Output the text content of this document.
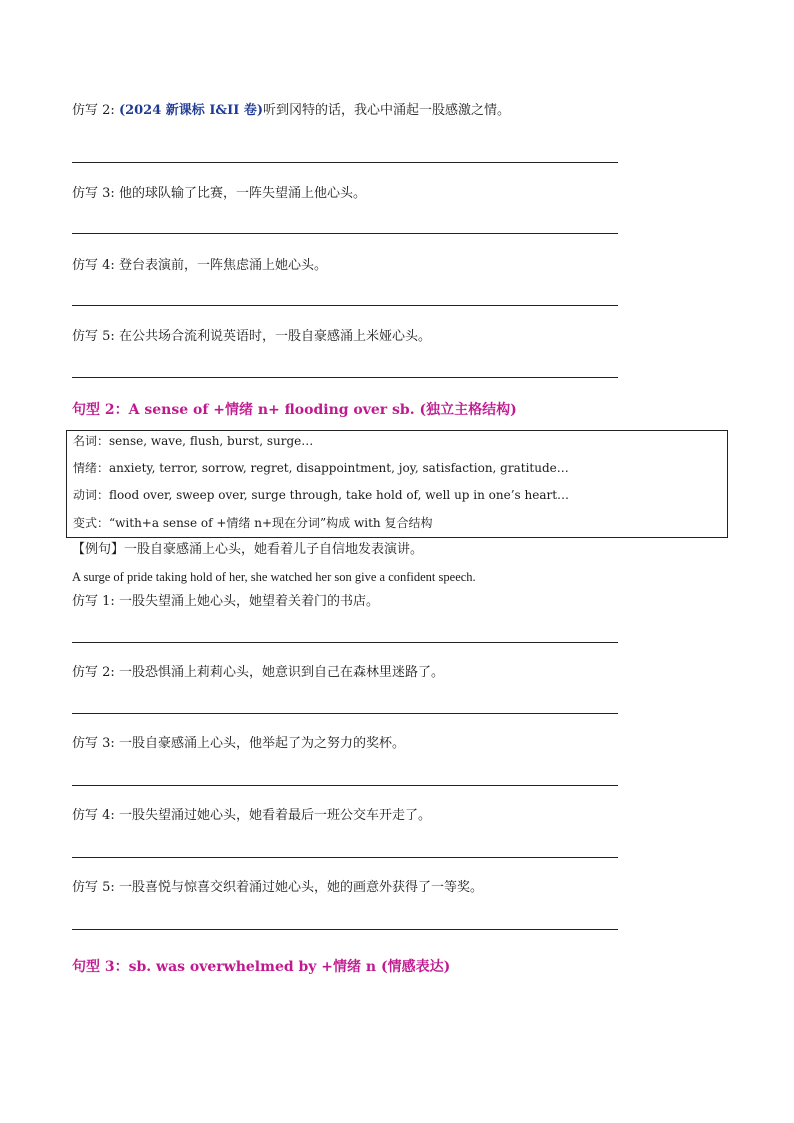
仿写 2: (2024 新课标 I&II 卷)听到冈特的话，我心中涌起一股感激之情。
仿写 3: 他的球队输了比赛，一阵失望涌上他心头。
仿写 4: 登台表演前，一阵焦虑涌上她心头。
仿写 5: 在公共场合流利说英语时，一股自豪感涌上米娅心头。
句型 2：A sense of +情绪 n+ flooding over sb. (独立主格结构)
名词：sense, wave, flush, burst, surge…
情绪：anxiety, terror, sorrow, regret, disappointment, joy, satisfaction, gratitude…
动词：flood over, sweep over, surge through, take hold of, well up in one’s heart…
变式：“with+a sense of +情绪 n+现在分词”构成 with 复合结构
【例句】一股自豪感涌上心头，她看着儿子自信地发表演讲。
A surge of pride taking hold of her, she watched her son give a confident speech.
仿写 1: 一股失望涌上她心头，她望着关着门的书店。
仿写 2: 一股恐惧涌上莉莉心头，她意识到自己在森林里迷路了。
仿写 3: 一股自豪感涌上心头，他举起了为之努力的奖杯。
仿写 4: 一股失望涌过她心头，她看着最后一班公交车开走了。
仿写 5: 一股喜悦与惊喜交织着涌过她心头，她的画意外获得了一等奖。
句型 3：sb. was overwhelmed by +情绪 n (情感表达)
